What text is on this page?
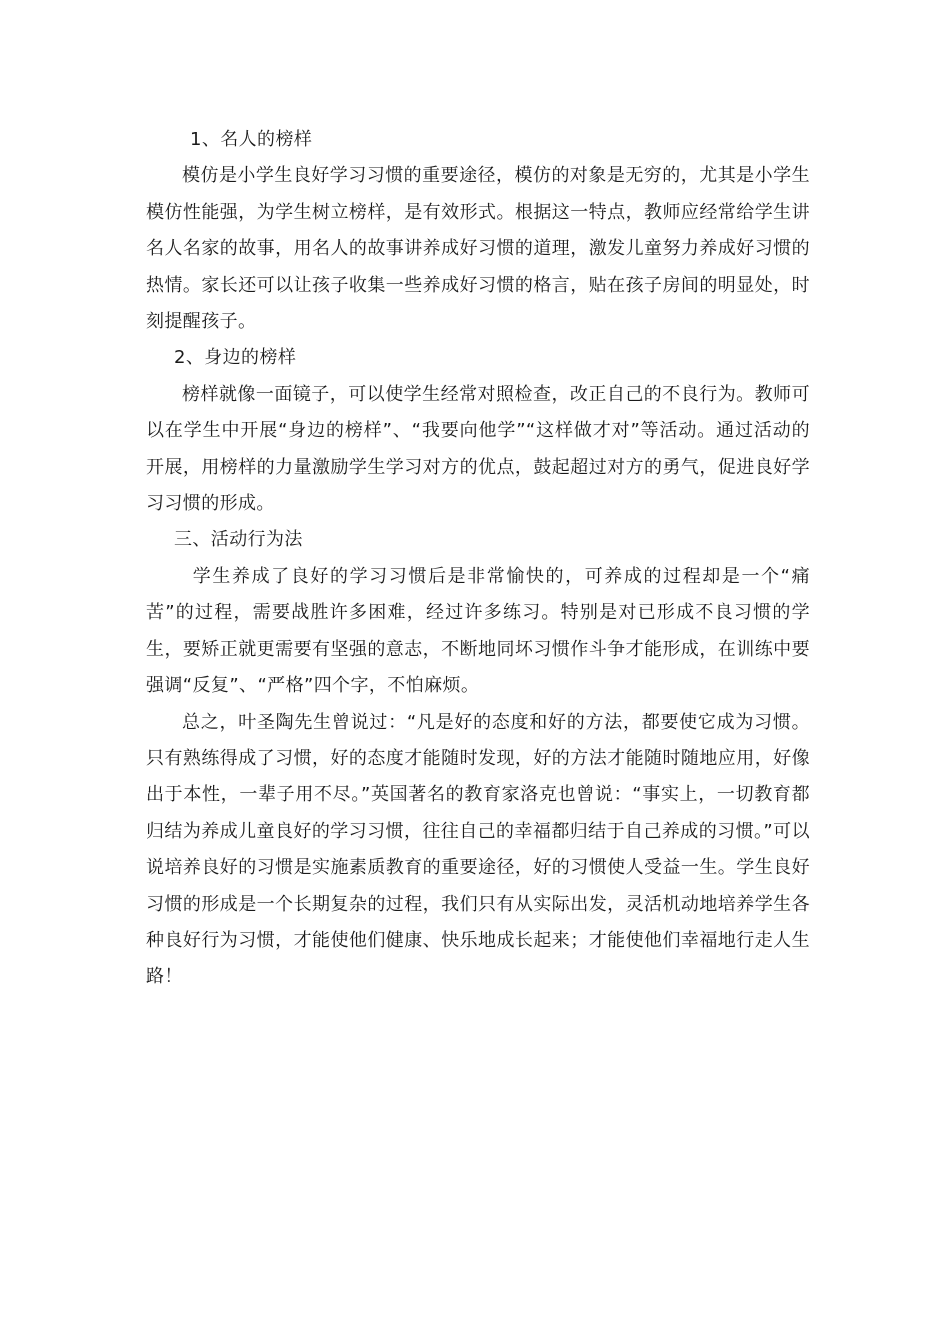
1、名人的榜样

模仿是小学生良好学习习惯的重要途径，模仿的对象是无穷的，尤其是小学生模仿性能强，为学生树立榜样，是有效形式。根据这一特点，教师应经常给学生讲名人名家的故事，用名人的故事讲养成好习惯的道理，激发儿童努力养成好习惯的热情。家长还可以让孩子收集一些养成好习惯的格言，贴在孩子房间的明显处，时刻提醒孩子。

2、身边的榜样

榜样就像一面镜子，可以使学生经常对照检查，改正自己的不良行为。教师可以在学生中开展“身边的榜样”、“我要向他学”“这样做才对”等活动。通过活动的开展，用榜样的力量激励学生学习对方的优点，鼓起超过对方的勇气，促进良好学习习惯的形成。

三、活动行为法

学生养成了良好的学习习惯后是非常愉快的，可养成的过程却是一个“痛苦”的过程，需要战胜许多困难，经过许多练习。特别是对已形成不良习惯的学生，要矫正就更需要有坚强的意志，不断地同坏习惯作斗争才能形成，在训练中要强调“反复”、“严格”四个字，不怕麻烦。

总之，叶圣陶先生曾说过：“凡是好的态度和好的方法，都要使它成为习惯。只有熟练得成了习惯，好的态度才能随时发现，好的方法才能随时随地应用，好像出于本性，一辈子用不尽。”英国著名的教育家洛克也曾说：“事实上，一切教育都归结为养成儿童良好的学习习惯，往往自己的幸福都归结于自己养成的习惯。”可以说培养良好的习惯是实施素质教育的重要途径，好的习惯使人受益一生。学生良好习惯的形成是一个长期复杂的过程，我们只有从实际出发，灵活机动地培养学生各种良好行为习惯，才能使他们健康、快乐地成长起来；才能使他们幸福地行走人生路！
